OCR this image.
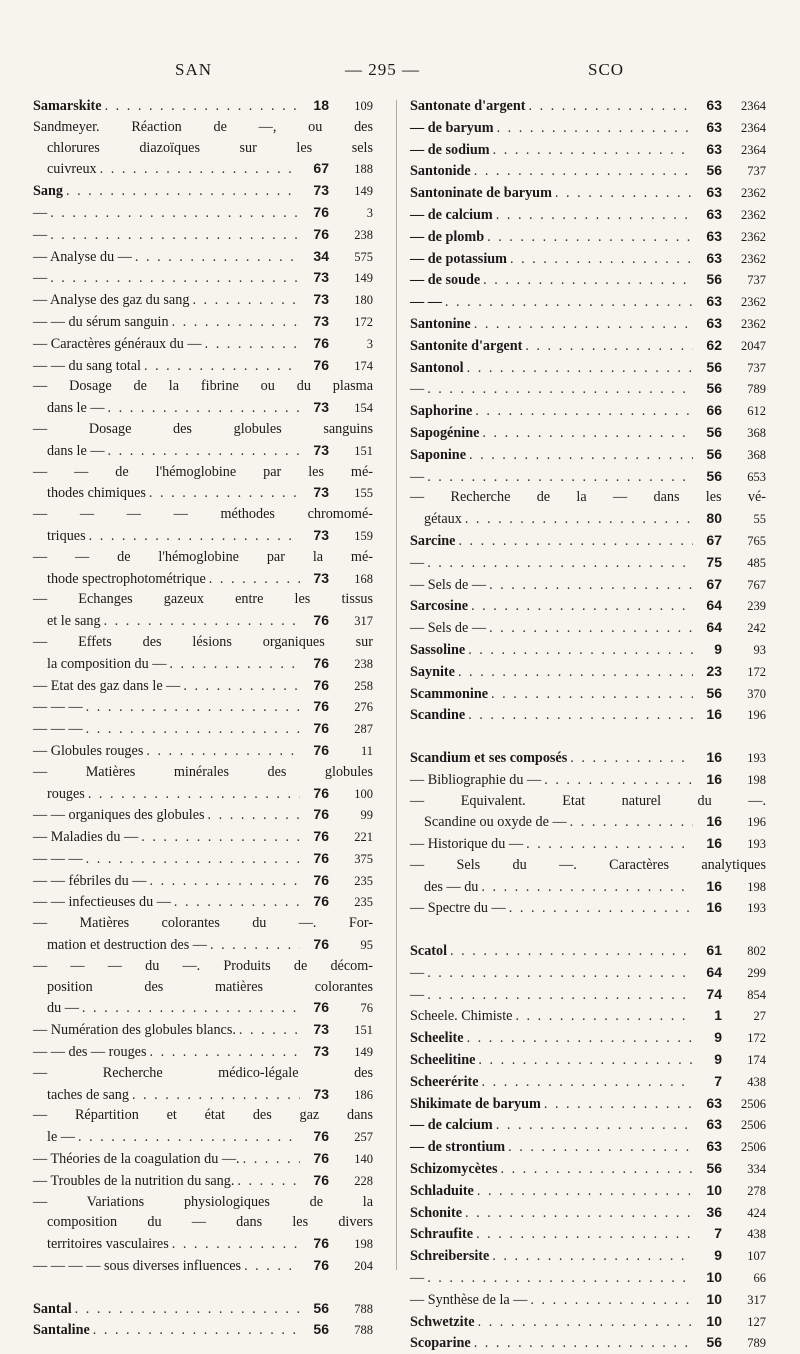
SAN	— 295 —	SCO
Samarskite . . .	18	109
Sandmeyer. Réaction de —, ou des
chlorures diazoïques sur les sels
cuivreux . . .	67	188
Sang . . .	73	149
— . . .	76	3
— . . .	76	238
— Analyse du — . . .	34	575
— . . .	73	149
— Analyse des gaz du sang . . .	73	180
— — du sérum sanguin . . .	73	172
— Caractères généraux du — . . .	76	3
— — du sang total . . .	76	174
— Dosage de la fibrine ou du plasma
dans le — . . .	73	154
— Dosage des globules sanguins
dans le — . . .	73	151
— — de l'hémoglobine par les mé-
thodes chimiques . . .	73	155
— — — — méthodes chromomé-
triques . . .	73	159
— — de l'hémoglobine par la mé-
thode spectrophotométrique . . .	73	168
— Echanges gazeux entre les tissus
et le sang . . .	76	317
— Effets des lésions organiques sur
la composition du — . . .	76	238
— Etat des gaz dans le — . . .	76	258
— — — . . .	76	276
— — — . . .	76	287
— Globules rouges . . .	76	11
— Matières minérales des globules
rouges . . .	76	100
— — organiques des globules . . .	76	99
— Maladies du — . . .	76	221
— — — . . .	76	375
— — fébriles du — . . .	76	235
— — infectieuses du — . . .	76	235
— Matières colorantes du —. For-
mation et destruction des — . . .	76	95
— — — du —. Produits de décom-
position des matières colorantes
du — . . .	76	76
— Numération des globules blancs. . . .	73	151
— — des — rouges . . .	73	149
— Recherche médico-légale des
taches de sang . . .	73	186
— Répartition et état des gaz dans
le — . . .	76	257
— Théories de la coagulation du —. . . .	76	140
— Troubles de la nutrition du sang. . . .	76	228
— Variations physiologiques de la
composition du — dans les divers
territoires vasculaires . . .	76	198
— — — — sous diverses influences . . .	76	204
Santal . . .	56	788
Santaline . . .	56	788
Santonate d'argent . . .	63	2364
— de baryum . . .	63	2364
— de sodium . . .	63	2364
Santonide . . .	56	737
Santoninate de baryum . . .	63	2362
— de calcium . . .	63	2362
— de plomb . . .	63	2362
— de potassium . . .	63	2362
— de soude . . .	56	737
— — . . .	63	2362
Santonine . . .	63	2362
Santonite d'argent . . .	62	2047
Santonol . . .	56	737
— . . .	56	789
Saphorine . . .	66	612
Sapogénine . . .	56	368
Saponine . . .	56	368
— . . .	56	653
— Recherche de la — dans les vé-
gétaux . . .	80	55
Sarcine . . .	67	765
— . . .	75	485
— Sels de — . . .	67	767
Sarcosine . . .	64	239
— Sels de — . . .	64	242
Sassoline . . .	9	93
Saynite . . .	23	172
Scammonine . . .	56	370
Scandine . . .	16	196
Scandium et ses composés . . .	16	193
— Bibliographie du — . . .	16	198
— Equivalent. Etat naturel du —.
Scandine ou oxyde de — . . .	16	196
— Historique du — . . .	16	193
— Sels du —. Caractères analytiques
des — du . . .	16	198
— Spectre du — . . .	16	193
Scatol . . .	61	802
— . . .	64	299
— . . .	74	854
Scheele. Chimiste . . .	1	27
Scheelite . . .	9	172
Scheelitine . . .	9	174
Scheerérite . . .	7	438
Shikimate de baryum . . .	63	2506
— de calcium . . .	63	2506
— de strontium . . .	63	2506
Schizomycètes . . .	56	334
Schladuite . . .	10	278
Schonite . . .	36	424
Schraufite . . .	7	438
Schreibersite . . .	9	107
— . . .	10	66
— Synthèse de la — . . .	10	317
Schwetzite . . .	10	127
Scoparine . . .	56	789
